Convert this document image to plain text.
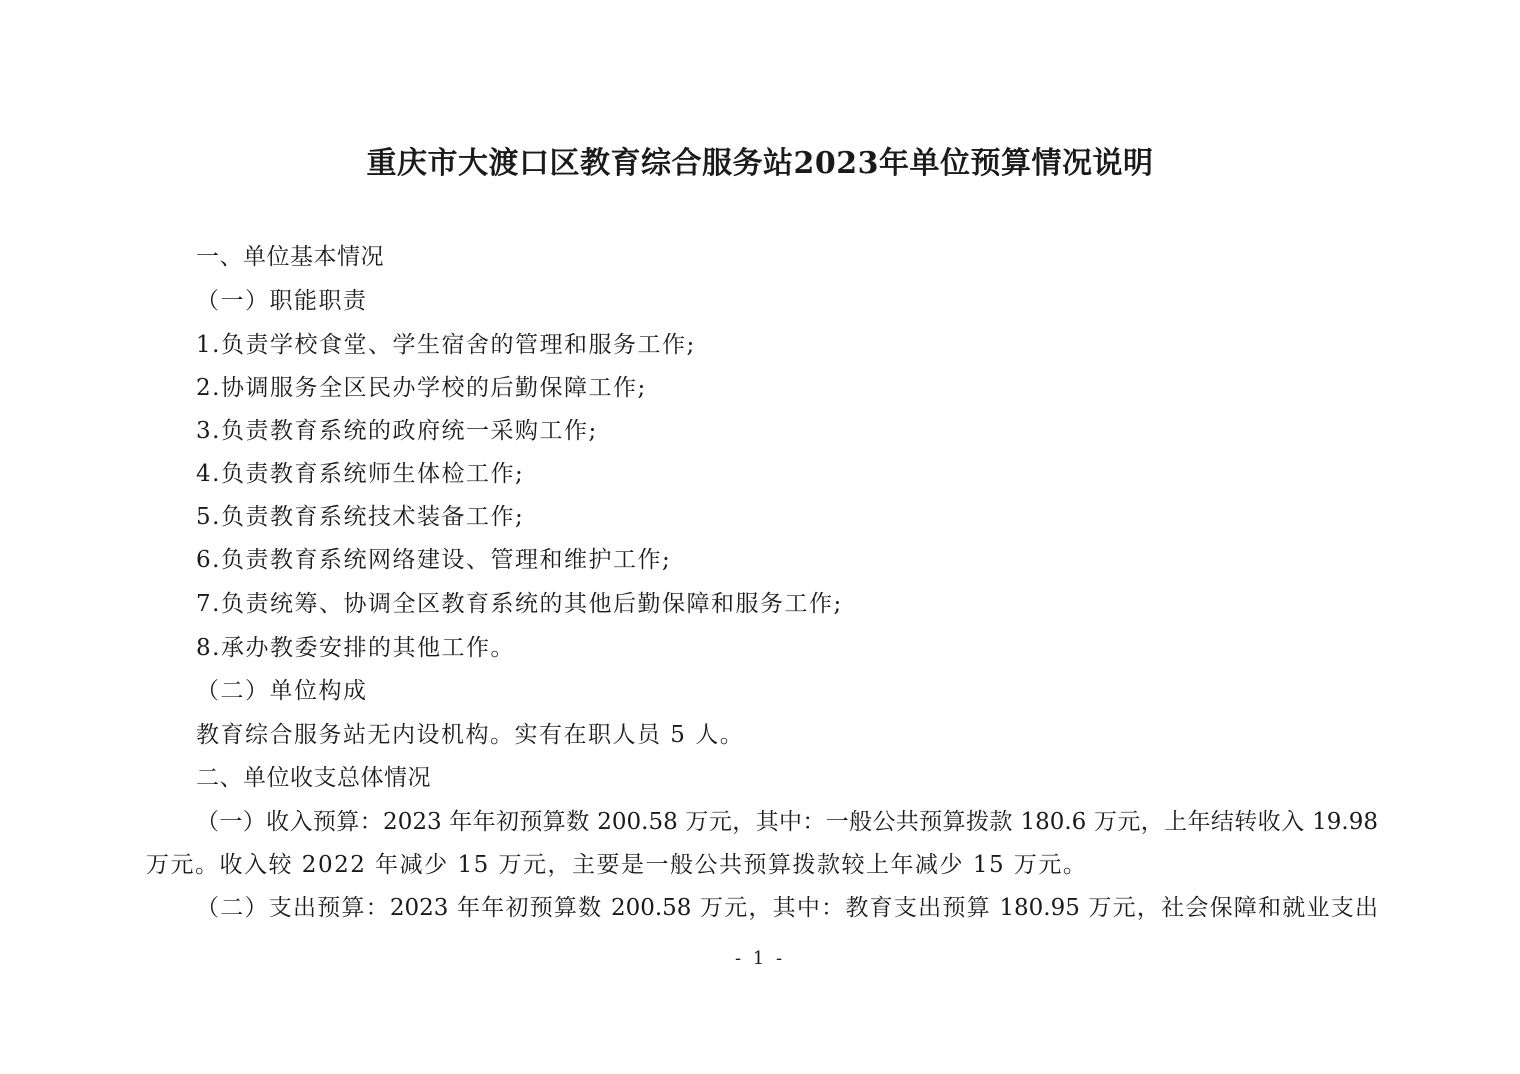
重庆市大渡口区教育综合服务站2023年单位预算情况说明
一、单位基本情况
（一）职能职责
1.负责学校食堂、学生宿舍的管理和服务工作;
2.协调服务全区民办学校的后勤保障工作;
3.负责教育系统的政府统一采购工作;
4.负责教育系统师生体检工作;
5.负责教育系统技术装备工作;
6.负责教育系统网络建设、管理和维护工作;
7.负责统筹、协调全区教育系统的其他后勤保障和服务工作;
8.承办教委安排的其他工作。
（二）单位构成
教育综合服务站无内设机构。实有在职人员 5 人。
二、单位收支总体情况
（一）收入预算：2023 年年初预算数 200.58 万元，其中：一般公共预算拨款 180.6 万元，上年结转收入 19.98
万元。收入较 2022 年减少 15 万元，主要是一般公共预算拨款较上年减少 15 万元。
（二）支出预算：2023 年年初预算数 200.58 万元，其中：教育支出预算 180.95 万元，社会保障和就业支出
- 1 -
